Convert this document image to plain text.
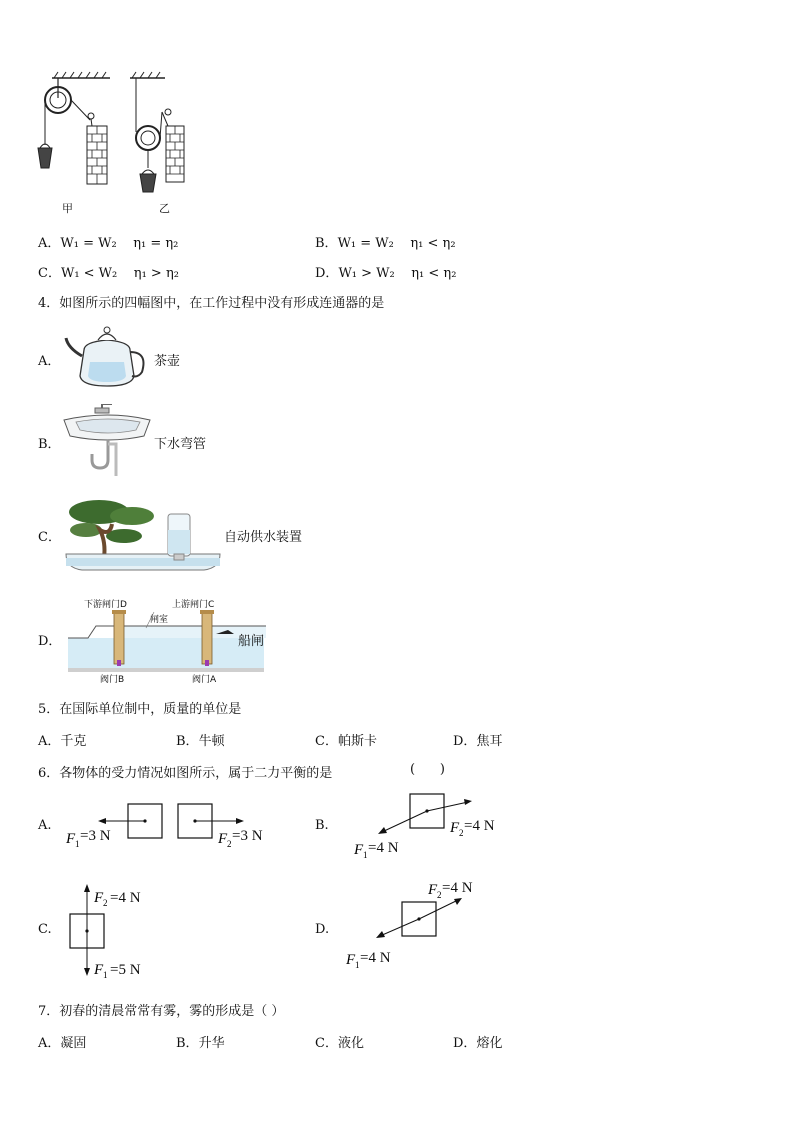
甲	乙
A．W₁ = W₂    η₁ = η₂	B．W₁ = W₂    η₁ < η₂
C．W₁ < W₂    η₁ > η₂	D．W₁ > W₂    η₁ < η₂
4．如图所示的四幅图中，在工作过程中没有形成连通器的是
A．	茶壶
B．	下水弯管
C．	自动供水装置
D．
下游闸门D	上游闸门C
闸室
阀门B	阀门A
船闸
5．在国际单位制中，质量的单位是
A．千克	B．牛顿	C．帕斯卡	D．焦耳
6．各物体的受力情况如图所示，属于二力平衡的是	(      )
A.
F 1	F 2
=3 N	=3 N
B.
F 1
F 2
=4 N
=4 N
C.
F 2
F 1
=4 N
=5 N
D.
F 1
F 2
=4 N
=4 N
7．初春的清晨常常有雾，雾的形成是（ ）
A．凝固	B．升华	C．液化	D．熔化
